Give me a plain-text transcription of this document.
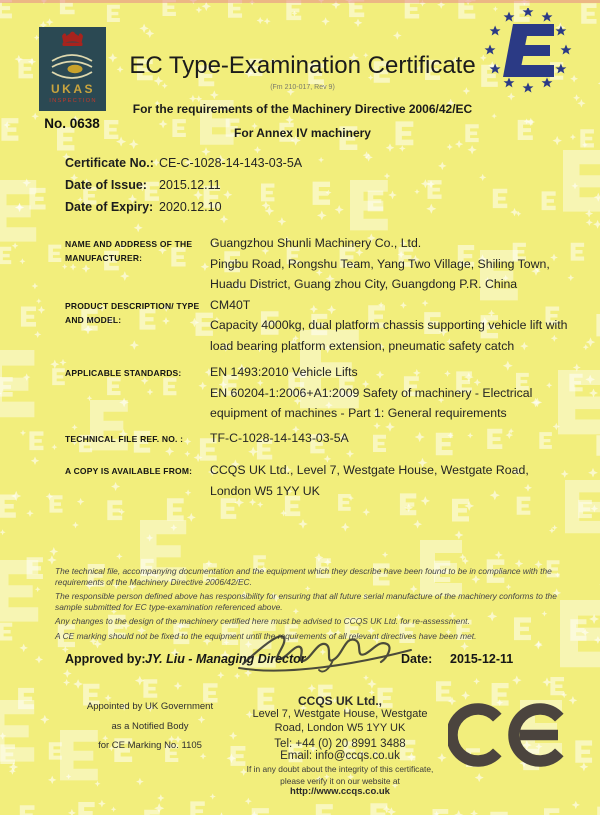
UKAS
INSPECTION
No. 0638
EC Type-Examination Certificate
(Fm 210-017, Rev 9)
For the requirements of the Machinery Directive 2006/42/EC
For Annex IV machinery
Certificate No.: CE-C-1028-14-143-03-5A
Date of Issue: 2015.12.11
Date of Expiry: 2020.12.10
NAME AND ADDRESS OF THE MANUFACTURER:
Guangzhou Shunli Machinery Co., Ltd.
Pingbu Road, Rongshu Team, Yang Two Village, Shiling Town,
Huadu District, Guang zhou City, Guangdong P.R. China
PRODUCT DESCRIPTION/ TYPE AND MODEL:
CM40T
Capacity 4000kg, dual platform chassis supporting vehicle lift with
load bearing platform extension, pneumatic safety catch
APPLICABLE STANDARDS:	EN 1493:2010 Vehicle Lifts
EN 60204-1:2006+A1:2009 Safety of machinery - Electrical
equipment of machines - Part 1: General requirements
TECHNICAL FILE REF. NO. :	TF-C-1028-14-143-03-5A
A COPY IS AVAILABLE FROM:	CCQS UK Ltd., Level 7, Westgate House, Westgate Road,
London W5 1YY UK

The technical file, accompanying documentation and the equipment which they describe have been found to be in compliance with the requirements of the Machinery Directive 2006/42/EC.

The responsible person defined above has responsibility for ensuring that all future serial manufacture of the machinery conforms to the sample submitted for EC type-examination referenced above.

Any changes to the design of the machinery certified here must be advised to CCQS UK Ltd. for re-assessment.

A CE marking should not be fixed to the equipment until the requirements of all relevant directives have been met.

Approved by: JY. Liu - Managing Director	Date: 2015-12-11
Appointed by UK Government
as a Notified Body
for CE Marking No. 1105
CCQS UK Ltd.,
Level 7, Westgate House, Westgate
Road, London W5 1YY UK
Tel: +44 (0) 20 8991 3488
Email: info@ccqs.co.uk
If in any doubt about the integrity of this certificate,
please verify it on our website at
http://www.ccqs.co.uk
